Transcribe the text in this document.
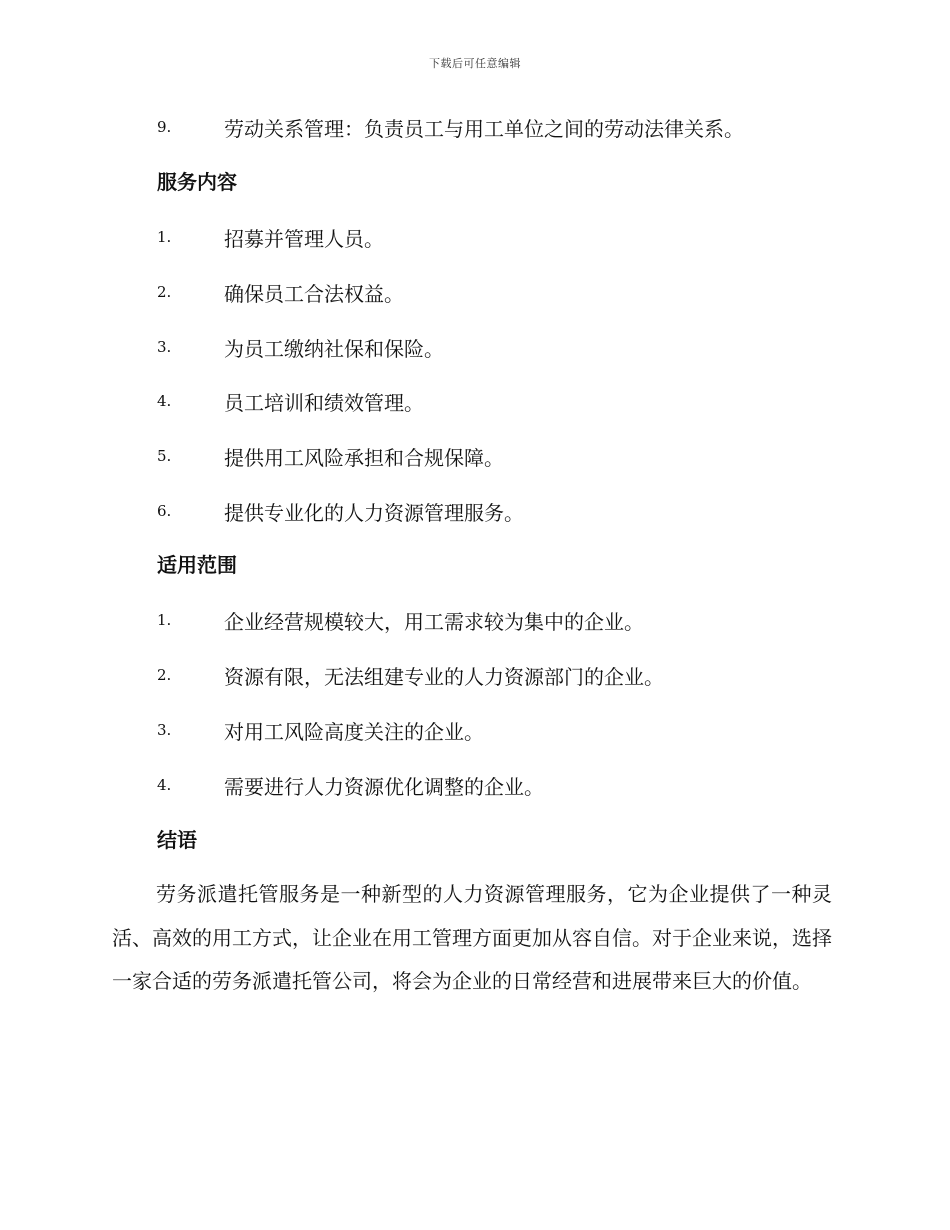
下载后可任意编辑
9.	劳动关系管理：负责员工与用工单位之间的劳动法律关系。
服务内容
1.	招募并管理人员。
2.	确保员工合法权益。
3.	为员工缴纳社保和保险。
4.	员工培训和绩效管理。
5.	提供用工风险承担和合规保障。
6.	提供专业化的人力资源管理服务。
适用范围
1.	企业经营规模较大，用工需求较为集中的企业。
2.	资源有限，无法组建专业的人力资源部门的企业。
3.	对用工风险高度关注的企业。
4.	需要进行人力资源优化调整的企业。
结语
劳务派遣托管服务是一种新型的人力资源管理服务，它为企业提供了一种灵活、高效的用工方式，让企业在用工管理方面更加从容自信。对于企业来说，选择一家合适的劳务派遣托管公司，将会为企业的日常经营和进展带来巨大的价值。
